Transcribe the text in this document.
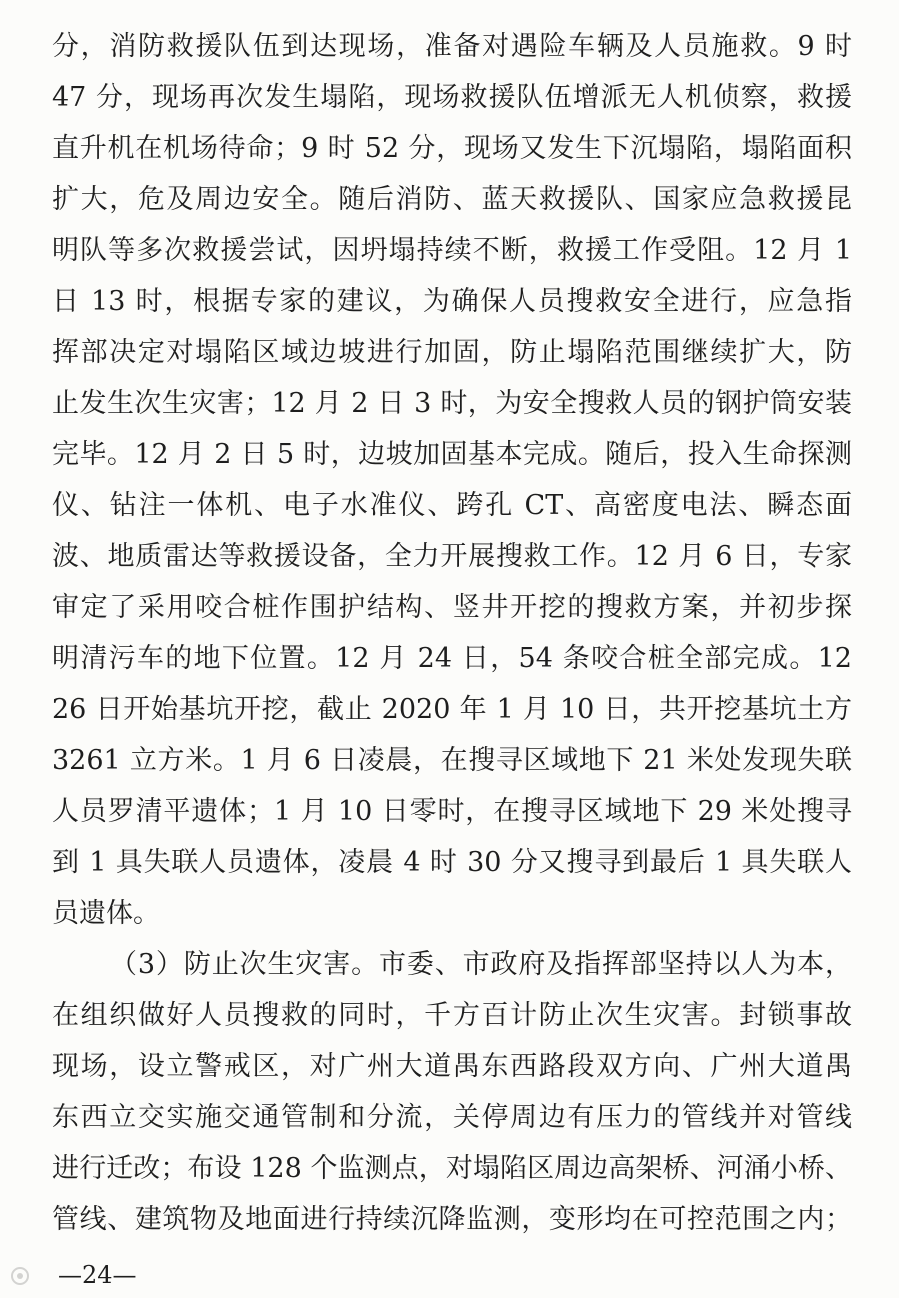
分，消防救援队伍到达现场，准备对遇险车辆及人员施救。9 时
47 分，现场再次发生塌陷，现场救援队伍增派无人机侦察，救援
直升机在机场待命；9 时 52 分，现场又发生下沉塌陷，塌陷面积
扩大，危及周边安全。随后消防、蓝天救援队、国家应急救援昆
明队等多次救援尝试，因坍塌持续不断，救援工作受阻。12 月 1
日 13 时，根据专家的建议，为确保人员搜救安全进行，应急指
挥部决定对塌陷区域边坡进行加固，防止塌陷范围继续扩大，防
止发生次生灾害；12 月 2 日 3 时，为安全搜救人员的钢护筒安装
完毕。12 月 2 日 5 时，边坡加固基本完成。随后，投入生命探测
仪、钻注一体机、电子水准仪、跨孔 CT、高密度电法、瞬态面
波、地质雷达等救援设备，全力开展搜救工作。12 月 6 日，专家
审定了采用咬合桩作围护结构、竖井开挖的搜救方案，并初步探
明清污车的地下位置。12 月 24 日，54 条咬合桩全部完成。12
26 日开始基坑开挖，截止 2020 年 1 月 10 日，共开挖基坑土方
3261 立方米。1 月 6 日凌晨，在搜寻区域地下 21 米处发现失联
人员罗清平遗体；1 月 10 日零时，在搜寻区域地下 29 米处搜寻
到 1 具失联人员遗体，凌晨 4 时 30 分又搜寻到最后 1 具失联人
员遗体。
（3）防止次生灾害。市委、市政府及指挥部坚持以人为本，
在组织做好人员搜救的同时，千方百计防止次生灾害。封锁事故
现场，设立警戒区，对广州大道禺东西路段双方向、广州大道禺
东西立交实施交通管制和分流，关停周边有压力的管线并对管线
进行迁改；布设 128 个监测点，对塌陷区周边高架桥、河涌小桥、
管线、建筑物及地面进行持续沉降监测，变形均在可控范围之内；
—24—
